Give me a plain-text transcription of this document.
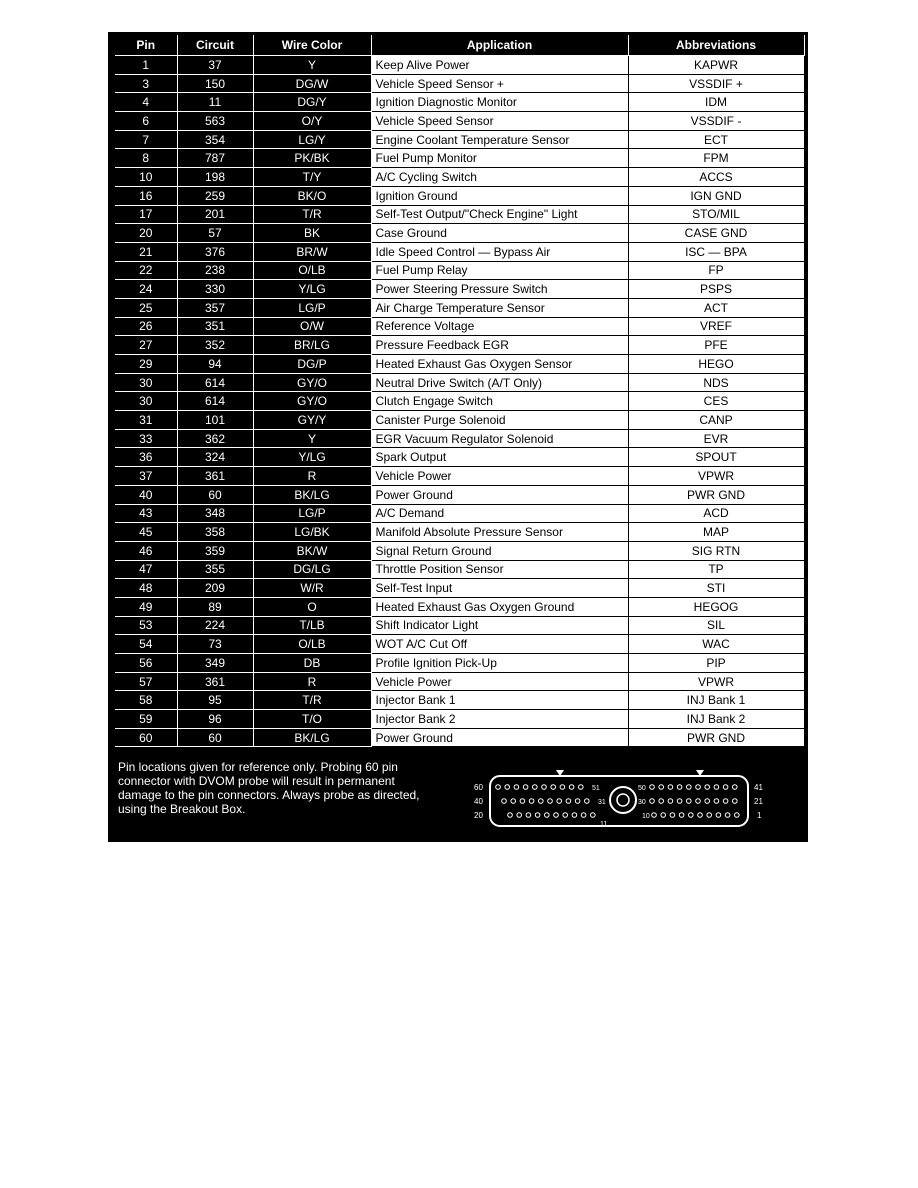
Pin	Circuit	Wire Color	Application	Abbreviations
1	37	Y	Keep Alive Power	KAPWR
3	150	DG/W	Vehicle Speed Sensor +	VSSDIF +
4	11	DG/Y	Ignition Diagnostic Monitor	IDM
6	563	O/Y	Vehicle Speed Sensor	VSSDIF -
7	354	LG/Y	Engine Coolant Temperature Sensor	ECT
8	787	PK/BK	Fuel Pump Monitor	FPM
10	198	T/Y	A/C Cycling Switch	ACCS
16	259	BK/O	Ignition Ground	IGN GND
17	201	T/R	Self-Test Output/"Check Engine" Light	STO/MIL
20	57	BK	Case Ground	CASE GND
21	376	BR/W	Idle Speed Control — Bypass Air	ISC — BPA
22	238	O/LB	Fuel Pump Relay	FP
24	330	Y/LG	Power Steering Pressure Switch	PSPS
25	357	LG/P	Air Charge Temperature Sensor	ACT
26	351	O/W	Reference Voltage	VREF
27	352	BR/LG	Pressure Feedback EGR	PFE
29	94	DG/P	Heated Exhaust Gas Oxygen Sensor	HEGO
30	614	GY/O	Neutral Drive Switch (A/T Only)	NDS
30	614	GY/O	Clutch Engage Switch	CES
31	101	GY/Y	Canister Purge Solenoid	CANP
33	362	Y	EGR Vacuum Regulator Solenoid	EVR
36	324	Y/LG	Spark Output	SPOUT
37	361	R	Vehicle Power	VPWR
40	60	BK/LG	Power Ground	PWR GND
43	348	LG/P	A/C Demand	ACD
45	358	LG/BK	Manifold Absolute Pressure Sensor	MAP
46	359	BK/W	Signal Return Ground	SIG RTN
47	355	DG/LG	Throttle Position Sensor	TP
48	209	W/R	Self-Test Input	STI
49	89	O	Heated Exhaust Gas Oxygen Ground	HEGOG
53	224	T/LB	Shift Indicator Light	SIL
54	73	O/LB	WOT A/C Cut Off	WAC
56	349	DB	Profile Ignition Pick-Up	PIP
57	361	R	Vehicle Power	VPWR
58	95	T/R	Injector Bank 1	INJ Bank 1
59	96	T/O	Injector Bank 2	INJ Bank 2
60	60	BK/LG	Power Ground	PWR GND
Pin locations given for reference only. Probing 60 pin
connector with DVOM probe will result in permanent
damage to the pin connectors. Always probe as directed,
using the Breakout Box.
60
40
20
51
31
11
50
30
10
41
21
1
